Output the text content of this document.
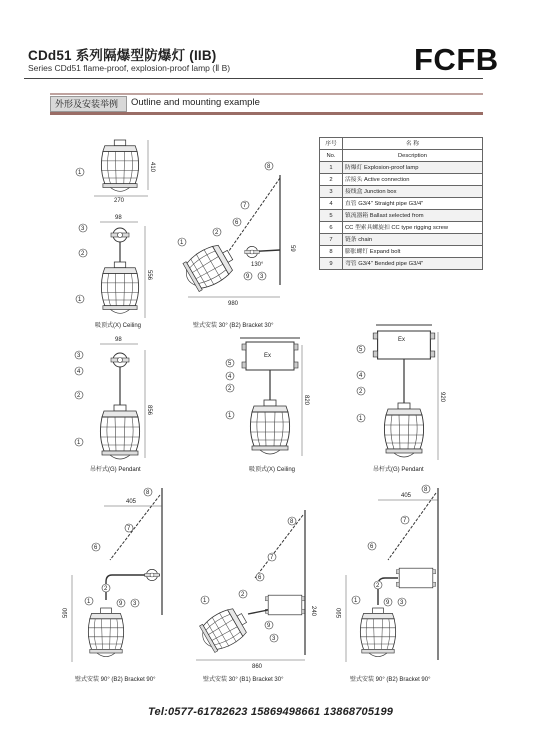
CDd51 系列隔爆型防爆灯 (IIB)
Series CDd51 flame-proof, explosion-proof lamp (Ⅱ B)	FCFB
外形及安装举例 Outline and mounting example
序号	名 称
No.	Description
1	防爆灯 Explosion-proof lamp
2	活接头 Active connection
3	接线盒 Junction box
4	直管 G3/4" Straight pipe G3/4"
5	镇流器箱 Ballast selected from
6	CC 型索具螺旋扣 CC type rigging screw
7	链条 chain
8	膨胀螺钉 Expand bolt
9	弯管 G3/4" Bended pipe G3/4"
270
410
1
98
556
3
2
1
吸顶式(X) Ceiling
980
130°
59
8
7
6
2
1
9 3
壁式安装 30° (B2) Bracket 30°
98
856
3
4
2
1
吊杆式(G) Pendant
Ex
820
5
4
2
1
吸顶式(X) Ceiling
Ex
920
5
4
2
1
吊杆式(G) Pendant
405
590
8
7
6
2
9 3
1
壁式安装 90° (B2) Bracket 90°
860
240
8
7
6
2
1
9
3
壁式安装 30° (B1) Bracket 30°
405
590
8
7
6
2
9 3
1
壁式安装 90° (B2) Bracket 90°
Tel:0577-61782623 15869498661 13868705199
